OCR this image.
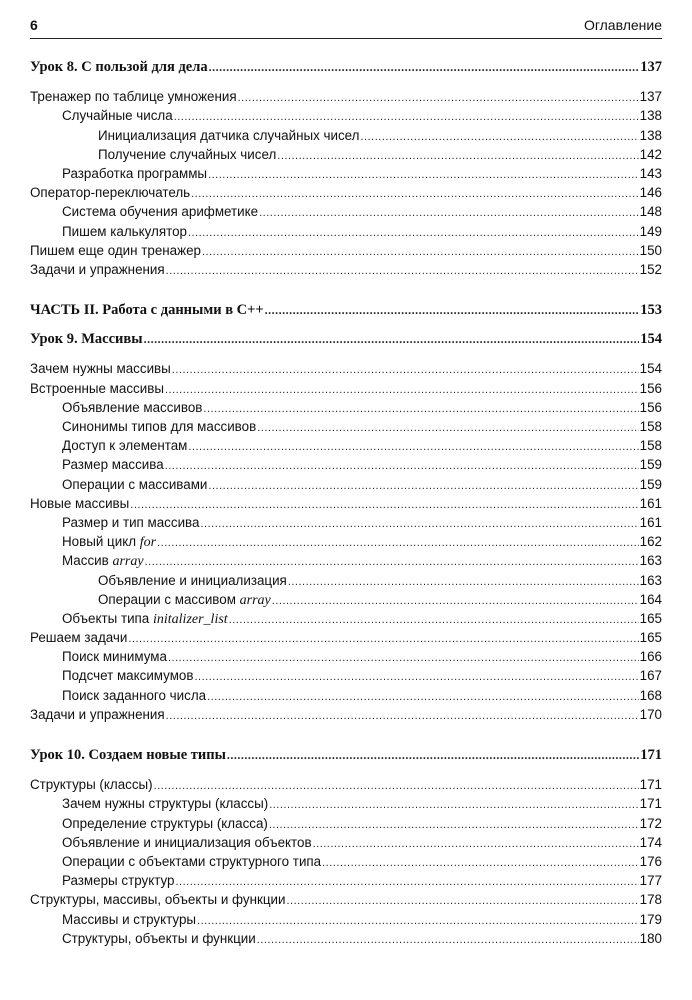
6	Оглавление
Урок 8. С пользой для дела .....	137
Тренажер по таблице умножения .....	137
Случайные числа .....	138
Инициализация датчика случайных чисел .....	138
Получение случайных чисел .....	142
Разработка программы .....	143
Оператор-переключатель .....	146
Система обучения арифметике .....	148
Пишем калькулятор .....	149
Пишем еще один тренажер .....	150
Задачи и упражнения .....	152
ЧАСТЬ II. Работа с данными в C++ .....	153
Урок 9. Массивы .....	154
Зачем нужны массивы .....	154
Встроенные массивы .....	156
Объявление массивов .....	156
Синонимы типов для массивов .....	158
Доступ к элементам .....	158
Размер массива .....	159
Операции с массивами .....	159
Новые массивы .....	161
Размер и тип массива .....	161
Новый цикл for .....	162
Массив array .....	163
Объявление и инициализация .....	163
Операции с массивом array .....	164
Объекты типа initalizer_list .....	165
Решаем задачи .....	165
Поиск минимума .....	166
Подсчет максимумов .....	167
Поиск заданного числа .....	168
Задачи и упражнения .....	170
Урок 10. Создаем новые типы .....	171
Структуры (классы) .....	171
Зачем нужны структуры (классы) .....	171
Определение структуры (класса) .....	172
Объявление и инициализация объектов .....	174
Операции с объектами структурного типа .....	176
Размеры структур .....	177
Структуры, массивы, объекты и функции .....	178
Массивы и структуры .....	179
Структуры, объекты и функции .....	180
